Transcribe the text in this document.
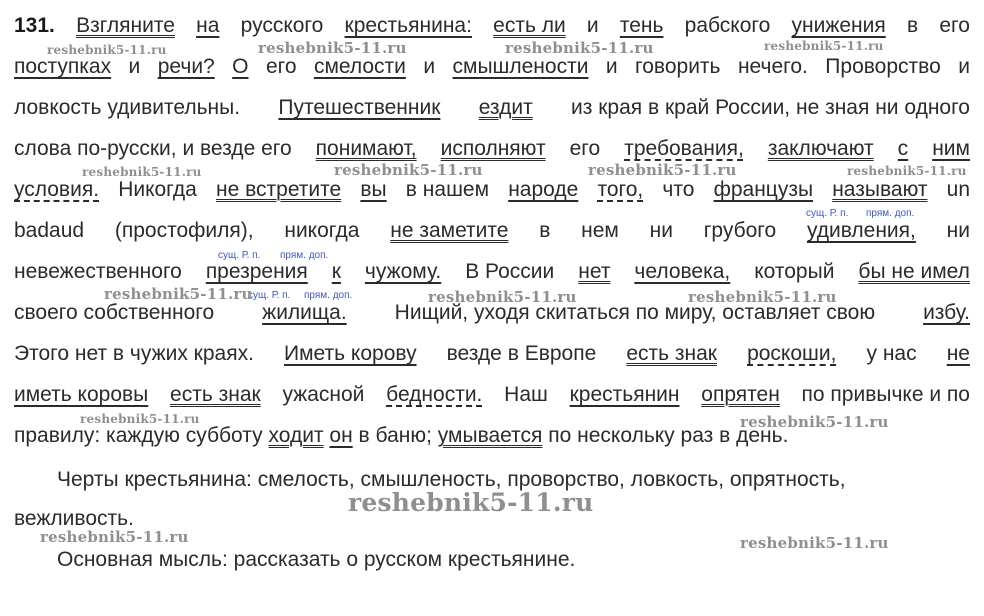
131. Взгляните на русского крестьянина: есть ли и тень рабского унижения в его
поступках и речи? О его смелости и смышлености и говорить нечего. Проворство и
ловкость удивительны. Путешественник ездит из края в край России, не зная ни одного
слова по-русски, и везде его понимают, исполняют его требования, заключают с ним
условия. Никогда не встретите вы в нашем народе того, что французы называют un
сущ. Р. п. прям. доп.
badaud (простофиля), никогда не заметите в нем ни грубого удивления, ни
сущ. Р. п. прям. доп.
невежественного презрения к чужому. В России нет человека, который бы не имел
сущ. Р. п. прям. доп.
своего собственного жилища. Нищий, уходя скитаться по миру, оставляет свою избу.
Этого нет в чужих краях. Иметь корову везде в Европе есть знак роскоши, у нас не
иметь коровы есть знак ужасной бедности. Наш крестьянин опрятен по привычке и по
правилу: каждую субботу ходит он в баню; умывается по нескольку раз в день.
Черты крестьянина: смелость, смышленость, проворство, ловкость, опрятность,
вежливость.
Основная мысль: рассказать о русском крестьянине.
reshebnik5-11.ru	reshebnik5-11.ru	reshebnik5-11.ru	reshebnik5-11.ru
reshebnik5-11.ru	reshebnik5-11.ru	reshebnik5-11.ru	reshebnik5-11.ru
reshebnik5-11.ru	reshebnik5-11.ru	reshebnik5-11.ru
reshebnik5-11.ru	reshebnik5-11.ru
reshebnik5-11.ru
reshebnik5-11.ru	reshebnik5-11.ru
